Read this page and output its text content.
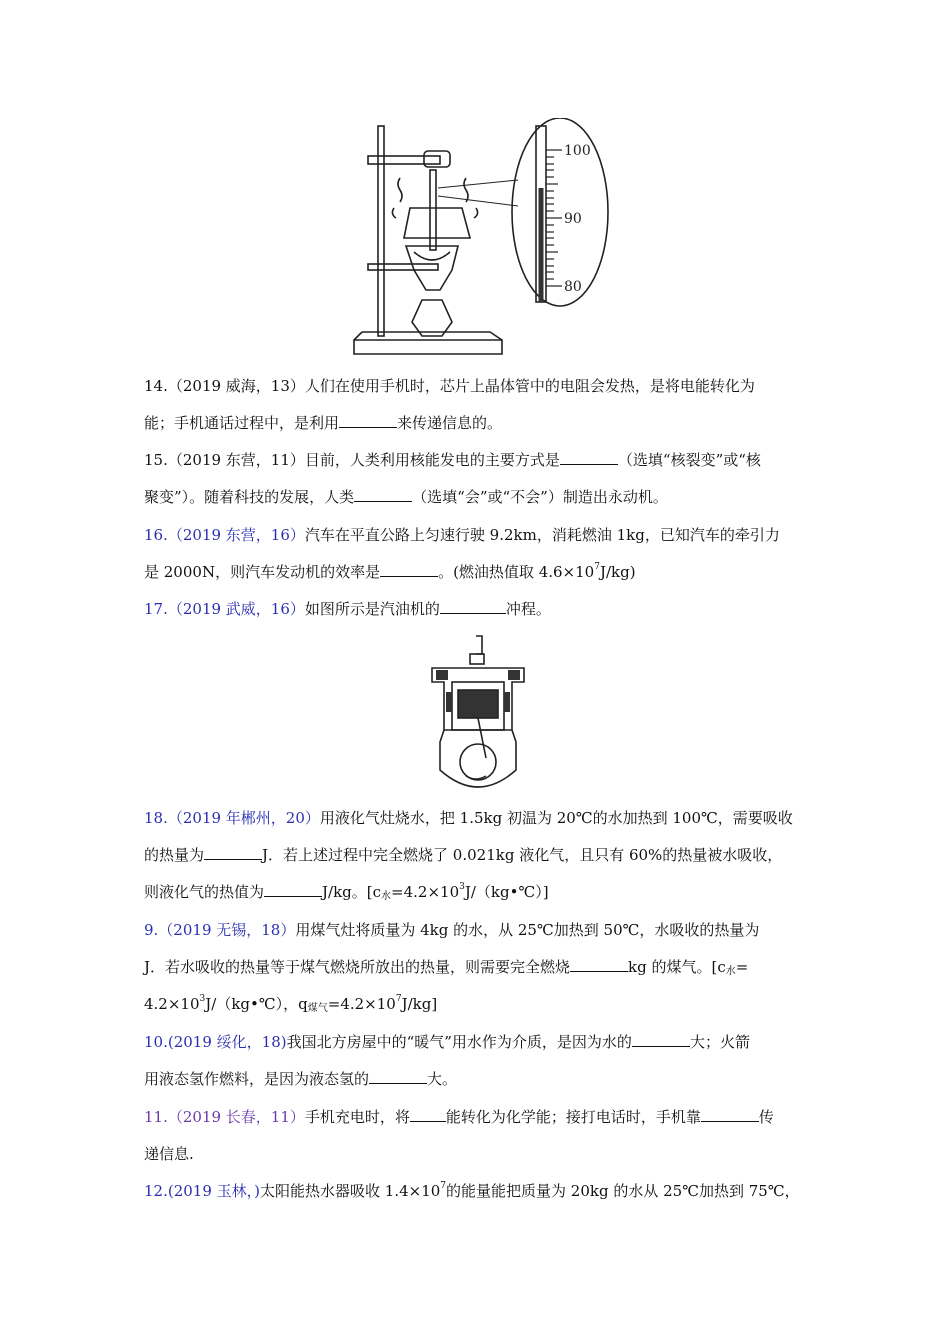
100
90
80
14.（2019 威海，13）人们在使用手机时，芯片上晶体管中的电阻会发热，是将电能转化为
能；手机通话过程中，是利用	来传递信息的。
15.（2019 东营，11）目前，人类利用核能发电的主要方式是	（选填“核裂变”或“核
聚变”）。随着科技的发展，人类	（选填“会”或“不会”）制造出永动机。
16.（2019 东营，16）汽车在平直公路上匀速行驶 9.2km，消耗燃油 1kg，已知汽车的牵引力
是 2000N，则汽车发动机的效率是	。(燃油热值取 $4.6\times 10^7J/kg$)
17.（2019 武威，16）如图所示是汽油机的	冲程。
18.（2019 年郴州，20）用液化气灶烧水，把 1.5kg 初温为 20℃的水加热到 100℃，需要吸收
的热量为	J．若上述过程中完全燃烧了 0.021kg 液化气，且只有 60%的热量被水吸收，
则液化气的热值为	J/kg。$[c_水=4.2\times 10^3J/(kg•℃)]$
9.（2019 无锡，18）用煤气灶将质量为 4kg 的水，从 25℃加热到 50℃，水吸收的热量为
J．若水吸收的热量等于煤气燃烧所放出的热量，则需要完全燃烧	kg 的煤气。[$c_水=$
$4.2\times 10^3J/(kg•℃)$，$q_{煤气}=4.2\times 10^7J/kg$]
10.(2019 绥化，18)我国北方房屋中的“暖气”用水作为介质，是因为水的	大；火箭
用液态氢作燃料，是因为液态氢的	大。
11.（2019 长春，11）手机充电时，将 能转化为化学能；接打电话时，手机靠	传
递信息.
12.(2019 玉林，)太阳能热水器吸收 $1.4\times 10^7$的能量能把质量为 20kg 的水从 25℃加热到 75℃，
